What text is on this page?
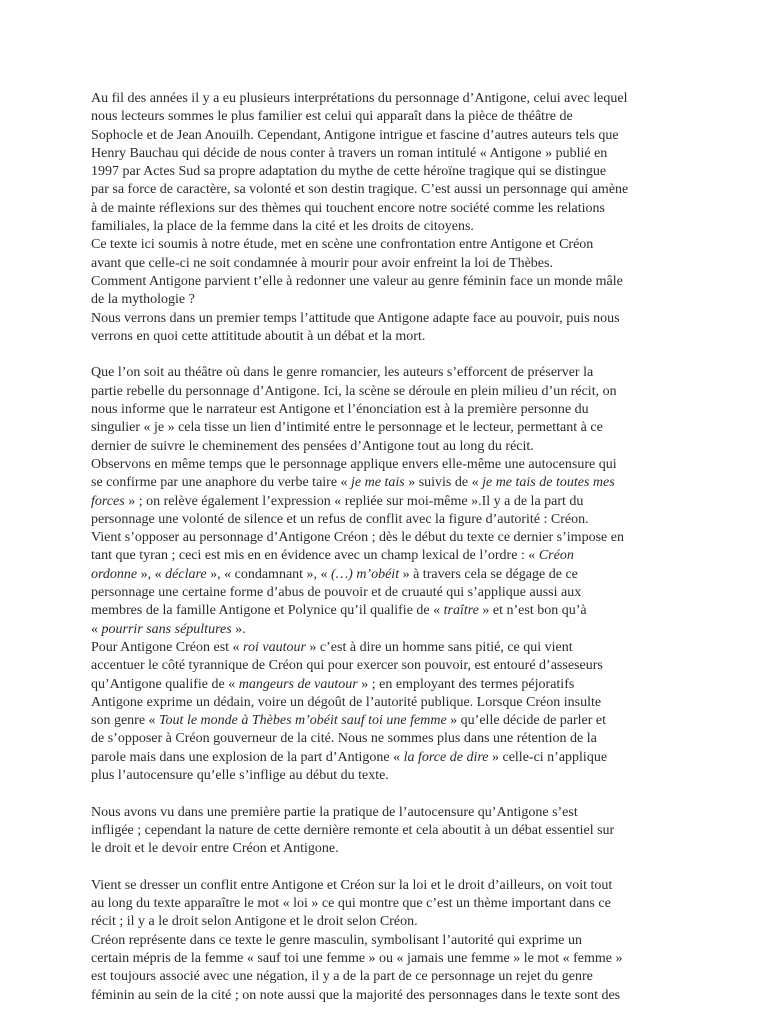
Au fil des années il y a eu plusieurs interprétations du personnage d’Antigone, celui avec lequel
nous lecteurs sommes le plus familier est celui qui apparaît dans la pièce de théâtre de
Sophocle et de Jean Anouilh. Cependant, Antigone intrigue et fascine d’autres auteurs tels que
Henry Bauchau qui décide de nous conter à travers un roman intitulé « Antigone » publié en
1997 par Actes Sud sa propre adaptation du mythe de cette héroïne tragique qui se distingue
par sa force de caractère, sa volonté et son destin tragique. C’est aussi un personnage qui amène
à de mainte réflexions sur des thèmes qui touchent encore notre société comme les relations
familiales, la place de la femme dans la cité et les droits de citoyens.

Ce texte ici soumis à notre étude, met en scène une confrontation entre Antigone et Créon
avant que celle-ci ne soit condamnée à mourir pour avoir enfreint la loi de Thèbes.

Comment Antigone parvient t’elle à redonner une valeur au genre féminin face un monde mâle
de la mythologie ?

Nous verrons dans un premier temps l’attitude que Antigone adapte face au pouvoir, puis nous
verrons en quoi cette attititude aboutit à un débat et la mort.

Que l’on soit au théâtre où dans le genre romancier, les auteurs s’efforcent de préserver la
partie rebelle du personnage d’Antigone. Ici, la scène se déroule en plein milieu d’un récit, on
nous informe que le narrateur est Antigone et l’énonciation est à la première personne du
singulier « je » cela tisse un lien d’intimité entre le personnage et le lecteur, permettant à ce
dernier de suivre le cheminement des pensées d’Antigone tout au long du récit.

Observons en même temps que le personnage applique envers elle-même une autocensure qui
se confirme par une anaphore du verbe taire « je me tais » suivis de « je me tais de toutes mes
forces » ; on relève également l’expression « repliée sur moi-même ».Il y a de la part du
personnage une volonté de silence et un refus de conflit avec la figure d’autorité : Créon.

Vient s’opposer au personnage d’Antigone Créon ; dès le début du texte ce dernier s’impose en
tant que tyran ; ceci est mis en en évidence avec un champ lexical de l’ordre : « Créon
ordonne », « déclare », « condamnant », « (…) m’obéit » à travers cela se dégage de ce
personnage une certaine forme d’abus de pouvoir et de cruauté qui s’applique aussi aux
membres de la famille Antigone et Polynice qu’il qualifie de « traître » et n’est bon qu’à
« pourrir sans sépultures ».

Pour Antigone Créon est « roi vautour » c’est à dire un homme sans pitié, ce qui vient
accentuer le côté tyrannique de Créon qui pour exercer son pouvoir, est entouré d’asseseurs
qu’Antigone qualifie de « mangeurs de vautour » ; en employant des termes péjoratifs
Antigone exprime un dédain, voire un dégoût de l’autorité publique. Lorsque Créon insulte
son genre « Tout le monde à Thèbes m’obéit sauf toi une femme » qu’elle décide de parler et
de s’opposer à Créon gouverneur de la cité. Nous ne sommes plus dans une rétention de la
parole mais dans une explosion de la part d’Antigone « la force de dire » celle-ci n’applique
plus l’autocensure qu’elle s’inflige au début du texte.

Nous avons vu dans une première partie la pratique de l’autocensure qu’Antigone s’est
infligée ; cependant la nature de cette dernière remonte et cela aboutit à un débat essentiel sur
le droit et le devoir entre Créon et Antigone.

Vient se dresser un conflit entre Antigone et Créon sur la loi et le droit d’ailleurs, on voit tout
au long du texte apparaître le mot « loi » ce qui montre que c’est un thème important dans ce
récit ; il y a le droit selon Antigone et le droit selon Créon.

Créon représente dans ce texte le genre masculin, symbolisant l’autorité qui exprime un
certain mépris de la femme « sauf toi une femme » ou « jamais une femme » le mot « femme »
est toujours associé avec une négation, il y a de la part de ce personnage un rejet du genre
féminin au sein de la cité ; on note aussi que la majorité des personnages dans le texte sont des
